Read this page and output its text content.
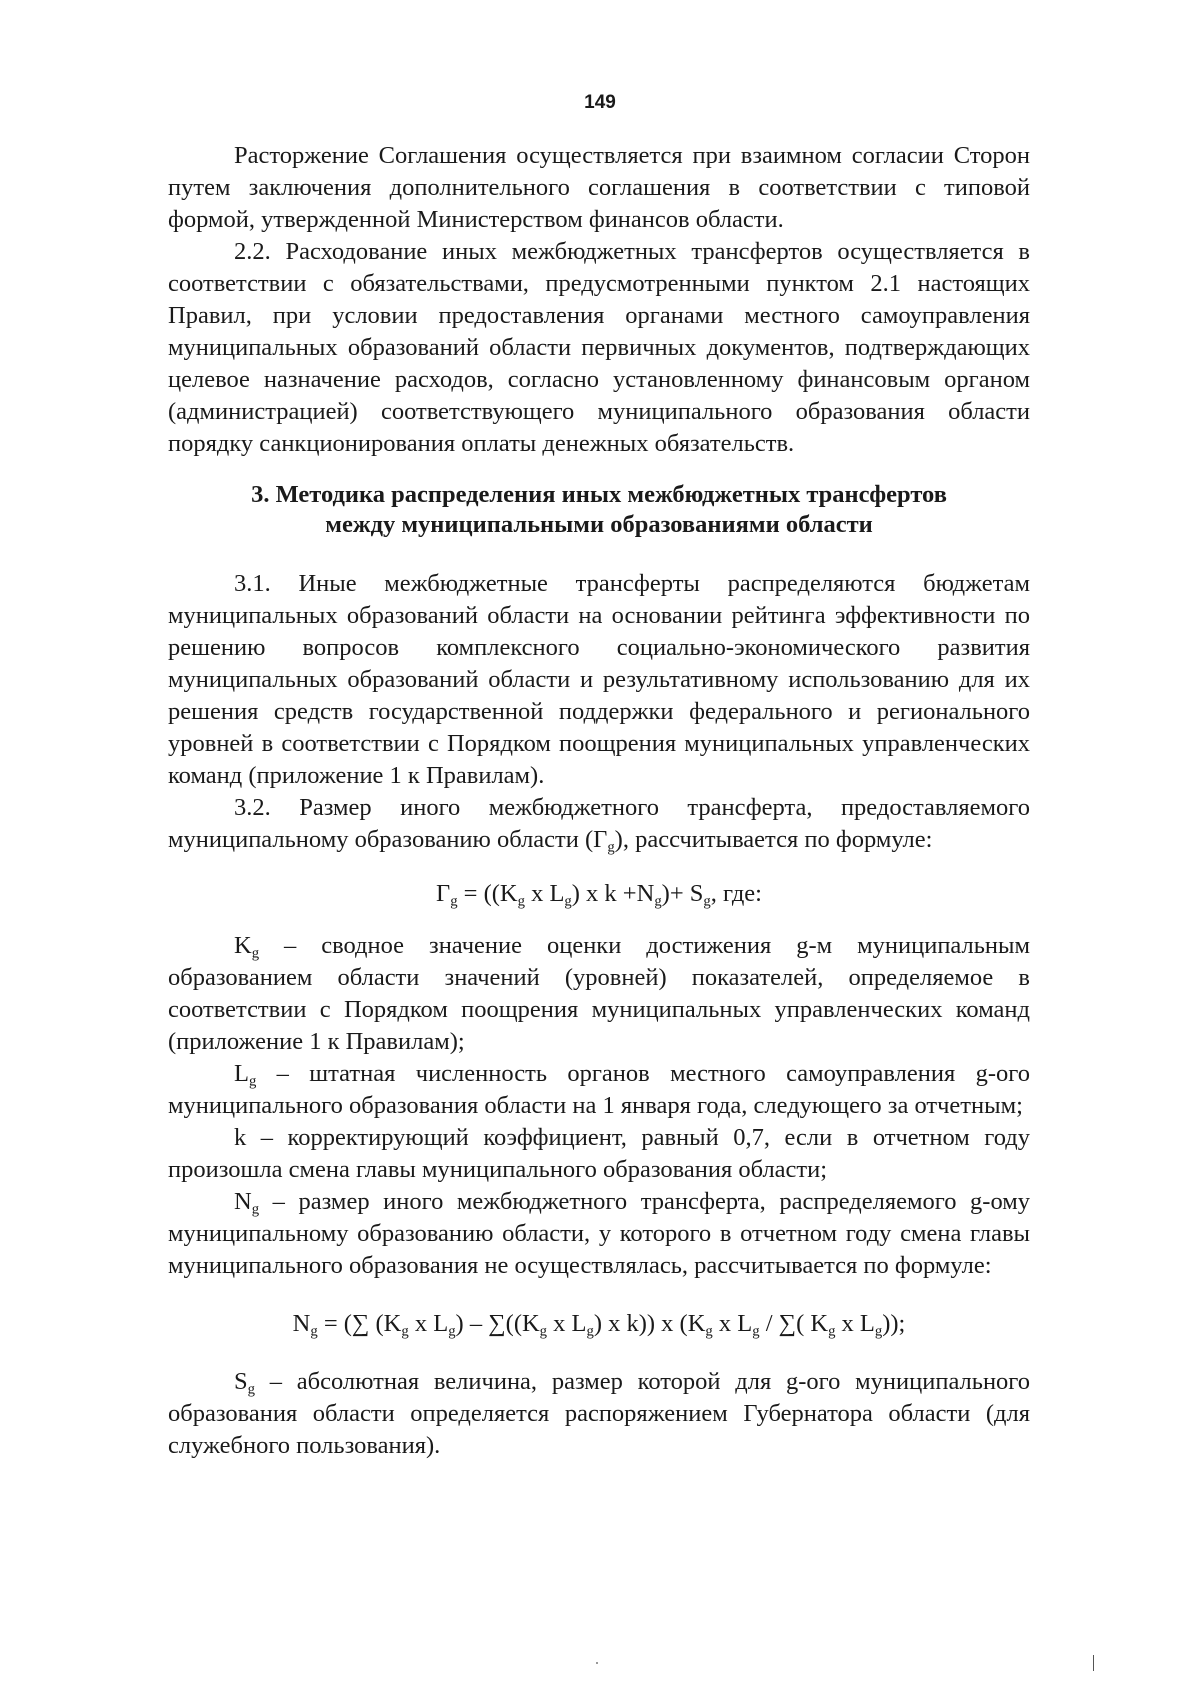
149

Расторжение Соглашения осуществляется при взаимном согласии Сторон путем заключения дополнительного соглашения в соответствии с типовой формой, утвержденной Министерством финансов области.

2.2. Расходование иных межбюджетных трансфертов осуществляется в соответствии с обязательствами, предусмотренными пунктом 2.1 настоящих Правил, при условии предоставления органами местного самоуправления муниципальных образований области первичных документов, подтверждающих целевое назначение расходов, согласно установленному финансовым органом (администрацией) соответствующего муниципального образования области порядку санкционирования оплаты денежных обязательств.

3. Методика распределения иных межбюджетных трансфертов
между муниципальными образованиями области

3.1. Иные межбюджетные трансферты распределяются бюджетам муниципальных образований области на основании рейтинга эффективности по решению вопросов комплексного социально-экономического развития муниципальных образований области и результативному использованию для их решения средств государственной поддержки федерального и регионального уровней в соответствии с Порядком поощрения муниципальных управленческих команд (приложение 1 к Правилам).

3.2. Размер иного межбюджетного трансферта, предоставляемого муниципальному образованию области $(Г_g)$, рассчитывается по формуле:

$Г_g = ((K_g$ x $L_g$) x $k +N_g)+ S_g$, где:

$K_g$ – сводное значение оценки достижения g-м муниципальным образованием области значений (уровней) показателей, определяемое в соответствии с Порядком поощрения муниципальных управленческих команд (приложение 1 к Правилам);

$L_g$ – штатная численность органов местного самоуправления g-ого муниципального образования области на 1 января года, следующего за отчетным;

k – корректирующий коэффициент, равный 0,7, если в отчетном году произошла смена главы муниципального образования области;

$N_g$ – размер иного межбюджетного трансферта, распределяемого g-ому муниципальному образованию области, у которого в отчетном году смена главы муниципального образования не осуществлялась, рассчитывается по формуле:

$N_g$ = (∑ ($K_g$ x $L_g) - \sum((K_g$ x $L_g$) x k)) x ($K_g$ x $L_g$ / ∑( $K_g$ x $L_g$));

$S_g$ – абсолютная величина, размер которой для g-ого муниципального образования области определяется распоряжением Губернатора области (для служебного пользования).
